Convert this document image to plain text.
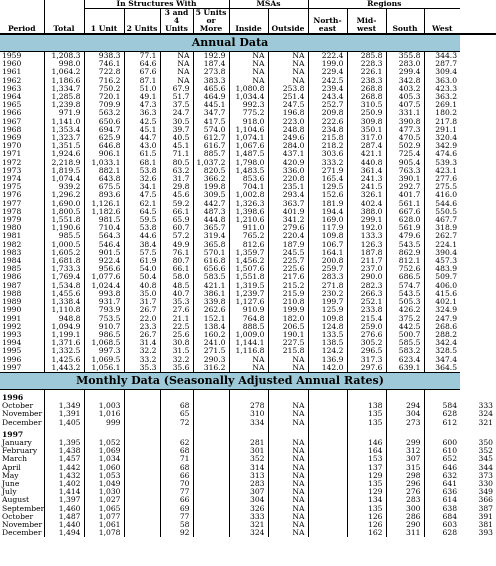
Period	Total	In Structures With				MSAs		Regions				
		1 Unit	2 Units	3 and 4 Units	5 Units or More	Inside	Outside	North-east	Mid-west	South	West	
Annual Data												
1959	1,208.3	938.3	77.1	NA	192.9	NA	NA	222.4	285.8	355.8	344.3	
1960	998.0	746.1	64.6	NA	187.4	NA	NA	199.0	228.3	283.0	287.7	
1961	1,064.2	722.8	67.6	NA	273.8	NA	NA	229.4	226.1	299.4	309.4	
1962	1,186.6	716.2	87.1	NA	383.3	NA	NA	242.5	238.3	342.8	363.0	
1963	1,334.7	750.2	51.0	67.9	465.6	1,080.8	253.8	239.4	268.8	403.2	423.3	
1964	1,285.8	720.1	49.1	51.7	464.9	1,034.4	251.4	243.4	268.8	405.3	363.2	
1965	1,239.8	709.9	47.3	37.5	445.1	992.3	247.5	252.7	310.5	407.5	269.1	
1966	971.9	563.2	36.3	24.7	347.7	775.2	196.8	209.8	250.9	331.1	180.2	
1967	1,141.0	650.6	42.5	30.5	417.5	918.0	223.0	222.6	309.8	390.8	217.8	
1968	1,353.4	694.7	45.1	39.7	574.0	1,104.6	248.8	234.8	350.1	477.3	291.1	
1969	1,323.7	625.9	44.7	40.5	612.7	1,074.1	249.6	215.8	317.0	470.5	320.4	
1970	1,351.5	646.8	43.0	45.1	616.7	1,067.6	284.0	218.2	287.4	502.9	342.9	
1971	1,924.6	906.1	61.5	71.1	885.7	1,487.5	437.1	303.6	421.1	725.4	474.6	
1972	2,218.9	1,033.1	68.1	80.5	1,037.2	1,798.0	420.9	333.2	440.8	905.4	539.3	
1973	1,819.5	882.1	53.8	63.2	820.5	1,483.5	336.0	271.9	361.4	763.3	423.1	
1974	1,074.4	643.8	32.6	31.7	366.2	853.6	220.8	165.4	241.3	390.1	277.6	
1975	939.2	675.5	34.1	29.8	199.8	704.1	235.1	129.5	241.5	292.7	275.5	
1976	1,296.2	893.6	47.5	45.6	309.5	1,002.8	293.4	152.6	326.1	401.7	416.0	
1977	1,690.0	1,126.1	62.1	59.2	442.7	1,326.3	363.7	181.9	402.4	561.1	544.6	
1978	1,800.5	1,182.6	64.5	66.1	487.3	1,398.6	401.9	194.4	388.0	667.6	550.5	
1979	1,551.8	981.5	59.5	65.9	444.8	1,210.6	341.2	169.0	299.1	628.0	467.7	
1980	1,190.6	710.4	53.8	60.7	365.7	911.0	279.6	117.9	192.0	561.9	318.9	
1981	985.5	564.3	44.6	57.2	319.4	765.2	220.4	109.8	133.3	479.6	262.7	
1982	1,000.5	546.4	38.4	49.9	365.8	812.6	187.9	106.7	126.3	543.5	224.1	
1983	1,605.2	901.5	57.5	76.1	570.1	1,359.7	245.5	164.1	187.8	862.9	390.4	
1984	1,681.8	922.4	61.9	80.7	616.8	1,456.2	225.7	200.8	211.7	812.1	457.3	
1985	1,733.3	956.6	54.0	66.1	656.6	1,507.6	225.6	259.7	237.0	752.6	483.9	
1986	1,769.4	1,077.6	50.4	58.0	583.5	1,551.8	217.6	283.3	290.0	686.5	509.7	
1987	1,534.8	1,024.4	40.8	48.5	421.1	1,319.5	215.2	271.8	282.3	574.7	406.0	
1988	1,455.6	993.8	35.0	40.7	386.1	1,239.7	215.9	230.2	266.3	543.5	415.6	
1989	1,338.4	931.7	31.7	35.3	339.8	1,127.6	210.8	199.7	252.1	505.3	402.1	
1990	1,110.8	793.9	26.7	27.6	262.6	910.9	199.9	125.9	233.8	426.2	324.9	
1991	948.8	753.5	22.0	21.1	152.1	764.8	182.0	109.8	215.4	375.2	247.9	
1992	1,094.9	910.7	23.3	22.5	138.4	888.5	206.5	124.8	259.0	442.5	268.6	
1993	1,199.1	986.5	26.7	25.6	160.2	1,009.0	190.1	133.5	276.6	500.7	288.2	
1994	1,371.6	1,068.5	31.4	30.8	241.0	1,144.1	227.5	138.5	305.2	585.5	342.4	
1995	1,332.5	997.3	32.2	31.5	271.5	1,116.8	215.8	124.2	296.5	583.2	328.5	
1996	1,425.6	1,069.5	33.2	32.2	290.3	NA	NA	136.9	317.3	623.4	347.4	
1997	1,443.2	1,056.1	35.3	35.6	316.2	NA	NA	142.0	297.6	639.1	364.5	
Monthly Data (Seasonally Adjusted Annual Rates)												
1996												
October	1,349	1,003		68		278	NA		138	294	584	333
November	1,391	1,016		65		310	NA		135	304	628	324
December	1,405	999		72		334	NA		135	273	612	321
1997												
January	1,395	1,052		62		281	NA		146	299	600	350
February	1,438	1,069		68		301	NA		164	312	610	352
March	1,457	1,034		71		352	NA		153	307	652	345
April	1,442	1,060		68		314	NA		137	315	646	344
May	1,432	1,053		66		313	NA		129	298	632	373
June	1,402	1,049		70		283	NA		135	296	641	330
July	1,414	1,030		77		307	NA		129	276	636	349
August	1,397	1,027		66		304	NA		134	283	614	366
September	1,460	1,065		69		326	NA		135	300	638	387
October	1,487	1,077		77		333	NA		126	286	684	391
November	1,440	1,061		58		321	NA		126	290	603	381
December	1,494	1,078		92		324	NA		162	311	628	393
